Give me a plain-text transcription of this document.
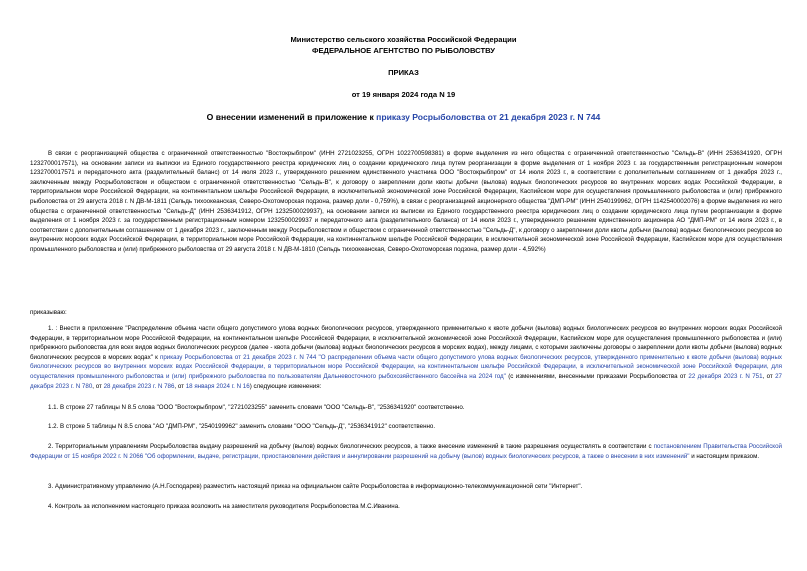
Министерство сельского хозяйства Российской Федерации
ФЕДЕРАЛЬНОЕ АГЕНТСТВО ПО РЫБОЛОВСТВУ
ПРИКАЗ
от 19 января 2024 года N 19
О внесении изменений в приложение к приказу Росрыболовства от 21 декабря 2023 г. N 744

В связи с реорганизацией общества с ограниченной ответственностью "Востокрыбпром" (ИНН 2721023255, ОГРН 1022700598381) в форме выделения из него общества с ограниченной ответственностью "Сельдь-В" (ИНН 2536341920, ОГРН 1232700017571), на основании записи из выписки из Единого государственного реестра юридических лиц о создании юридического лица путем реорганизации в форме выделения от 1 ноября 2023 г. за государственным регистрационным номером 1232700017571 и передаточного акта (разделительный баланс) от 14 июля 2023 г., утвержденного решением единственного участника ООО "Востокрыбпром" от 14 июля 2023 г., в соответствии с дополнительным соглашением от 1 декабря 2023 г., заключенным между Росрыболовством и обществом с ограниченной ответственностью "Сельдь-В", к договору о закреплении доли квоты добычи (вылова) водных биологических ресурсов во внутренних морских водах Российской Федерации, в территориальном море Российской Федерации, на континентальном шельфе Российской Федерации, в исключительной экономической зоне Российской Федерации, Каспийском море для осуществления промышленного рыболовства и (или) прибрежного рыболовства от 29 августа 2018 г. N ДВ-М-1811 (Сельдь тихоокеанская, Северо-Охотоморская подзона, размер доли - 0,759%), в связи с реорганизацией акционерного общества "ДМП-РМ" (ИНН 2540199962, ОГРН 1142540002076) в форме выделения из него общества с ограниченной ответственностью "Сельдь-Д" (ИНН 2536341912, ОГРН 1232500029937), на основании записи из выписки из Единого государственного реестра юридических лиц о создании юридического лица путем реорганизации в форме выделения от 1 ноября 2023 г. за государственным регистрационным номером 1232500029937 и передаточного акта (разделительного баланса) от 14 июля 2023 г., утвержденного решением единственного акционера АО "ДМП-РМ" от 14 июля 2023 г., в соответствии с дополнительным соглашением от 1 декабря 2023 г., заключенным между Росрыболовством и обществом с ограниченной ответственностью "Сельдь-Д", к договору о закреплении доли квоты добычи (вылова) водных биологических ресурсов во внутренних морских водах Российской Федерации, в территориальном море Российской Федерации, на континентальном шельфе Российской Федерации, в исключительной экономической зоне Российской Федерации, Каспийском море для осуществления промышленного рыболовства и (или) прибрежного рыболовства от 29 августа 2018 г. N ДВ-М-1810 (Сельдь тихоокеанская, Северо-Охотоморская подзона, размер доли - 4,592%)

приказываю:

1. : Внести в приложение "Распределение объема части общего допустимого улова водных биологических ресурсов, утвержденного применительно к квоте добычи (вылова) водных биологических ресурсов во внутренних морских водах Российской Федерации, в территориальном море Российской Федерации, на континентальном шельфе Российской Федерации, в исключительной экономической зоне Российской Федерации, Каспийском море для осуществления промышленного рыболовства и (или) прибрежного рыболовства для всех видов водных биологических ресурсов (далее - квота добычи (вылова) водных биологических ресурсов в морских водах), между лицами, с которыми заключены договоры о закреплении доли квоты добычи (вылова) водных биологических ресурсов в морских водах" к приказу Росрыболовства от 21 декабря 2023 г. N 744 "О распределении объема части общего допустимого улова водных биологических ресурсов, утвержденного применительно к квоте добычи (вылова) водных биологических ресурсов во внутренних морских водах Российской Федерации, в территориальном море Российской Федерации, на континентальном шельфе Российской Федерации, в исключительной экономической зоне Российской Федерации, для осуществления промышленного рыболовства и (или) прибрежного рыболовства по пользователям Дальневосточного рыбохозяйственного бассейна на 2024 год" (с изменениями, внесенными приказами Росрыболовства от 22 декабря 2023 г. N 751, от 27 декабря 2023 г. N 780, от 28 декабря 2023 г. N 786, от 18 января 2024 г. N 16) следующие изменения:

1.1. В строке 27 таблицы N 8.5 слова "ООО "Востокрыбпром", "2721023255" заменить словами "ООО "Сельдь-В", "2536341920" соответственно.

1.2. В строке 5 таблицы N 8.5 слова "АО "ДМП-РМ", "2540199962" заменить словами "ООО "Сельдь-Д", "2536341912" соответственно.

2. Территориальным управлениям Росрыболовства выдачу разрешений на добычу (вылов) водных биологических ресурсов, а также внесение изменений в такие разрешения осуществлять в соответствии с постановлением Правительства Российской Федерации от 15 ноября 2022 г. N 2066 "Об оформлении, выдаче, регистрации, приостановлении действия и аннулировании разрешений на добычу (вылов) водных биологических ресурсов, а также о внесении в них изменений" и настоящим приказом.

3. Административному управлению (А.Н.Господарев) разместить настоящий приказ на официальном сайте Росрыболовства в информационно-телекоммуникационной сети "Интернет".

4. Контроль за исполнением настоящего приказа возложить на заместителя руководителя Росрыболовства М.С.Иванина.
